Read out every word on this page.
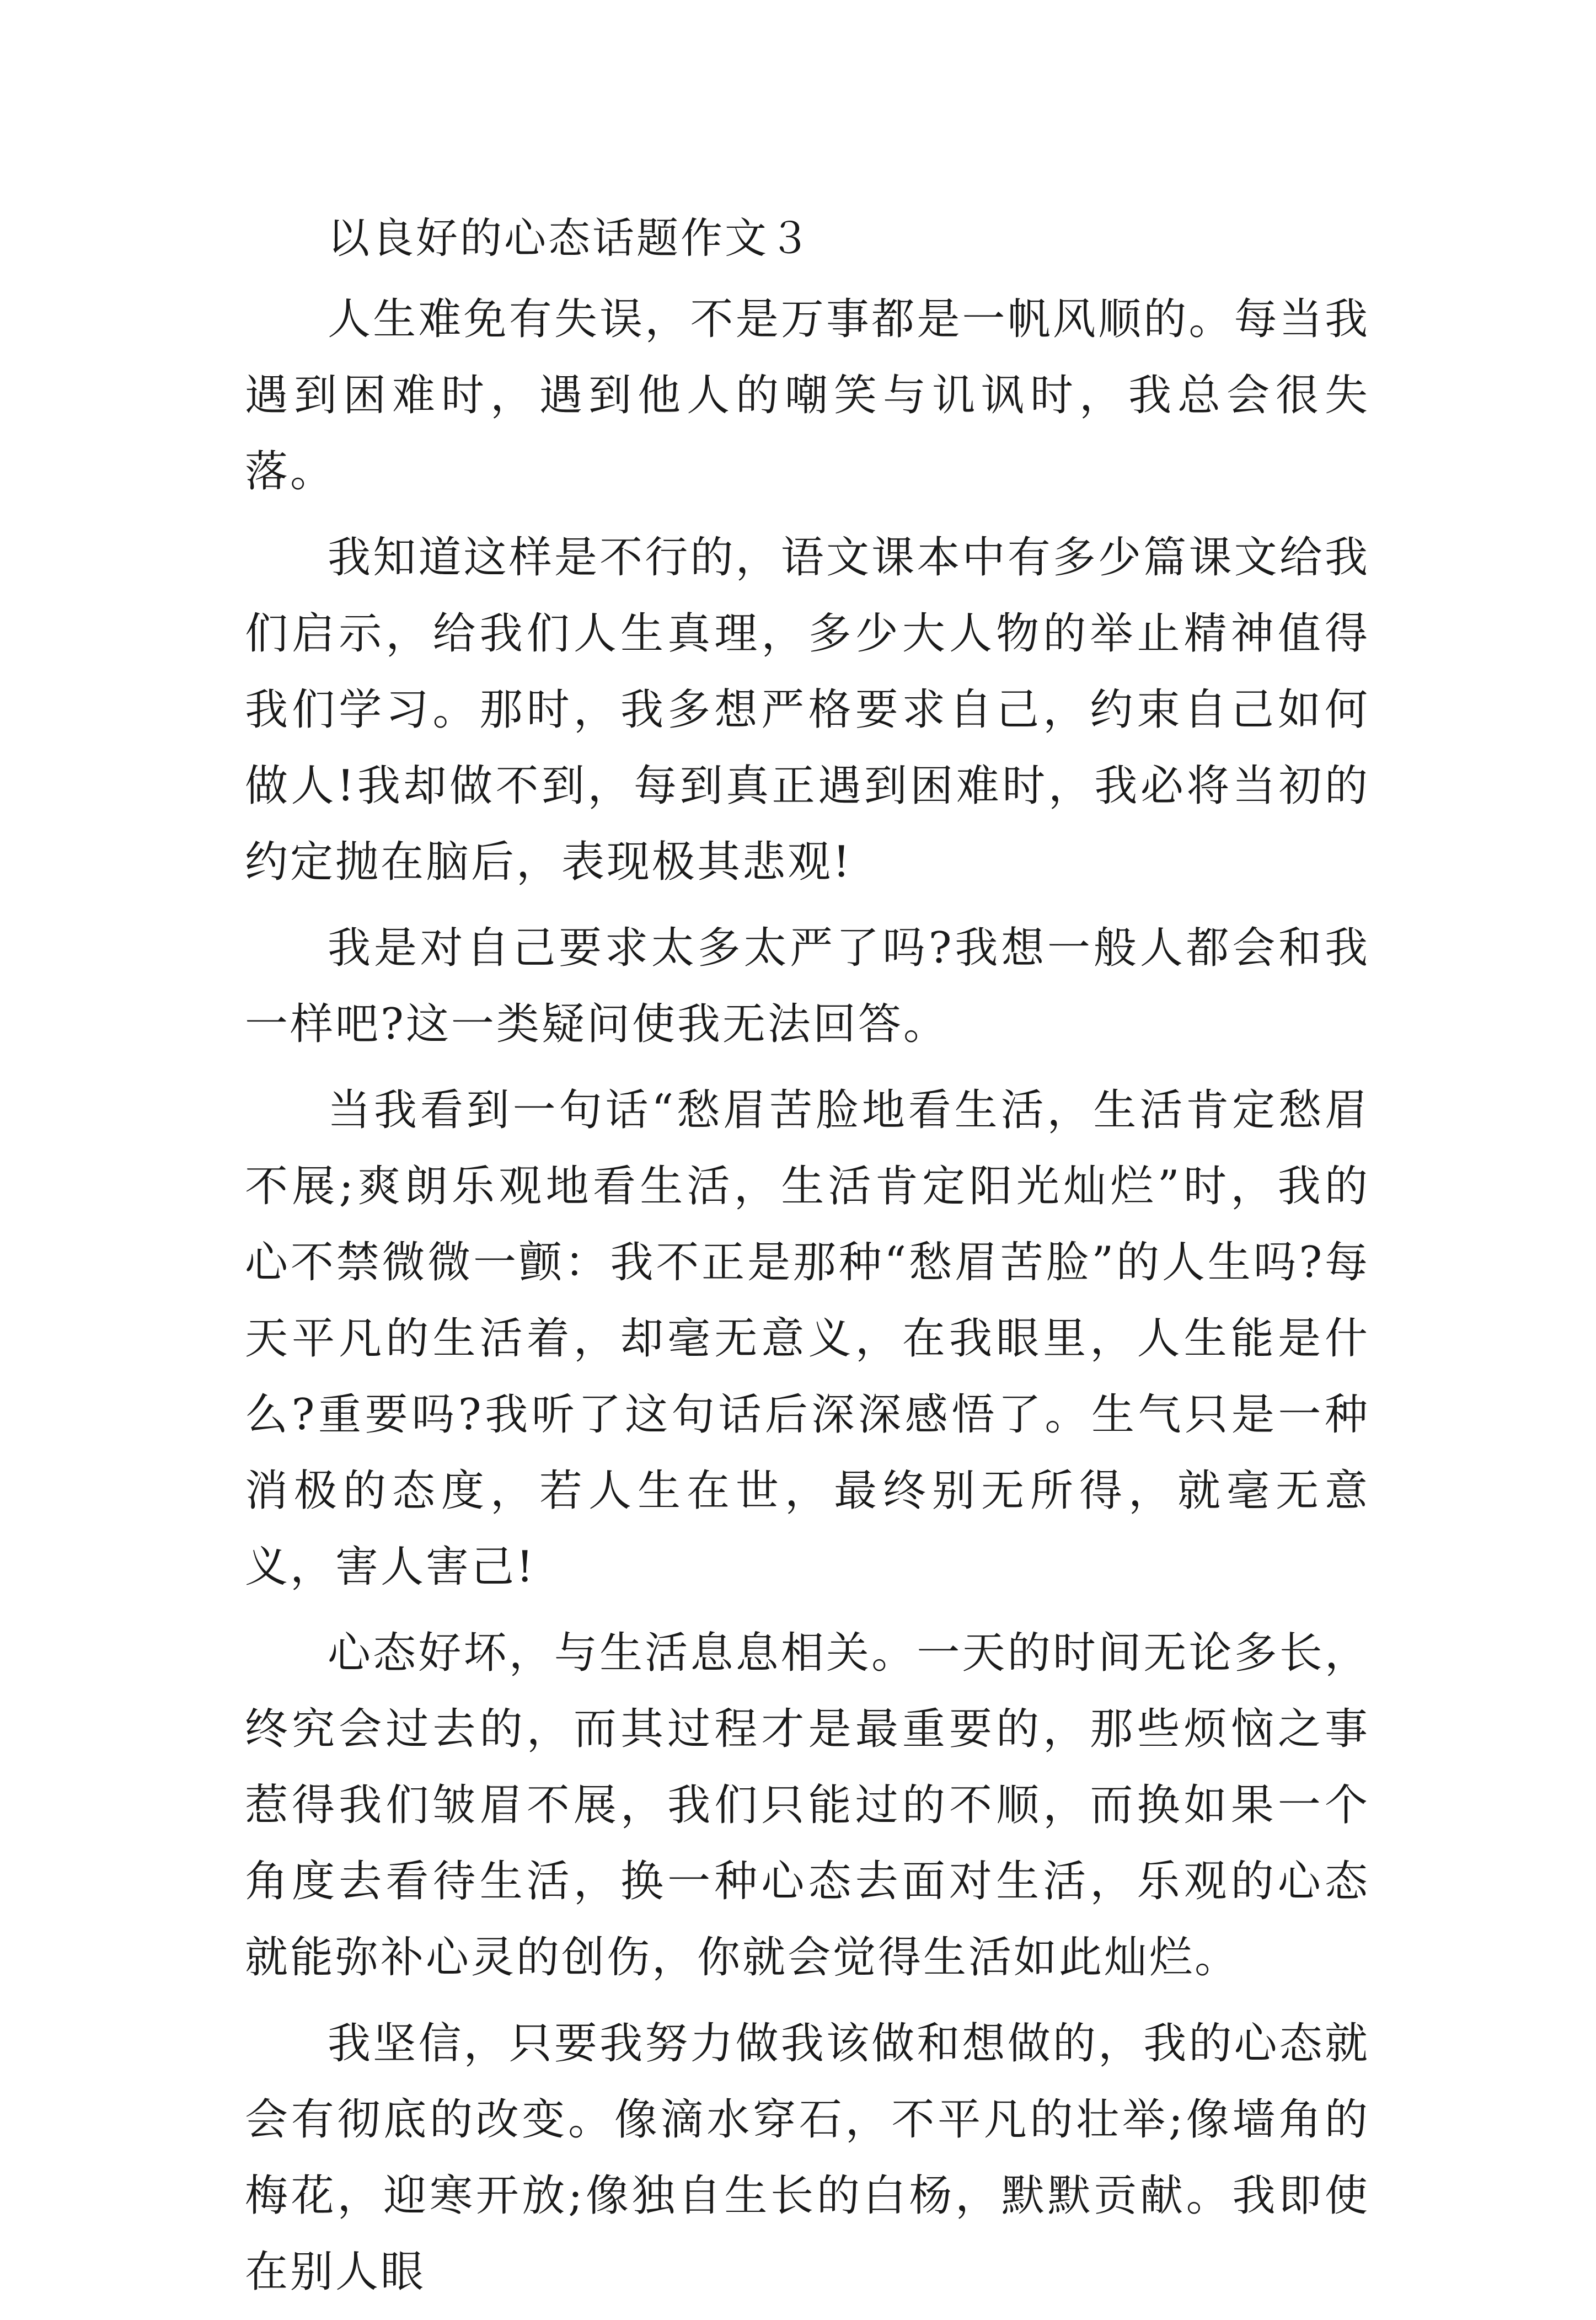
以良好的心态话题作文３

人生难免有失误，不是万事都是一帆风顺的。每当我遇到困难时，遇到他人的嘲笑与讥讽时，我总会很失落。

我知道这样是不行的，语文课本中有多少篇课文给我们启示，给我们人生真理，多少大人物的举止精神值得我们学习。那时，我多想严格要求自己，约束自己如何做人!我却做不到，每到真正遇到困难时，我必将当初的约定抛在脑后，表现极其悲观!

我是对自己要求太多太严了吗?我想一般人都会和我一样吧?这一类疑问使我无法回答。

当我看到一句话“愁眉苦脸地看生活，生活肯定愁眉不展;爽朗乐观地看生活，生活肯定阳光灿烂”时，我的心不禁微微一颤：我不正是那种“愁眉苦脸”的人生吗?每天平凡的生活着，却毫无意义，在我眼里，人生能是什么?重要吗?我听了这句话后深深感悟了。生气只是一种消极的态度，若人生在世，最终别无所得，就毫无意义，害人害己!

心态好坏，与生活息息相关。一天的时间无论多长，终究会过去的，而其过程才是最重要的，那些烦恼之事惹得我们皱眉不展，我们只能过的不顺，而换如果一个角度去看待生活，换一种心态去面对生活，乐观的心态就能弥补心灵的创伤，你就会觉得生活如此灿烂。

我坚信，只要我努力做我该做和想做的，我的心态就会有彻底的改变。像滴水穿石，不平凡的壮举;像墙角的梅花，迎寒开放;像独自生长的白杨，默默贡献。我即使在别人眼
